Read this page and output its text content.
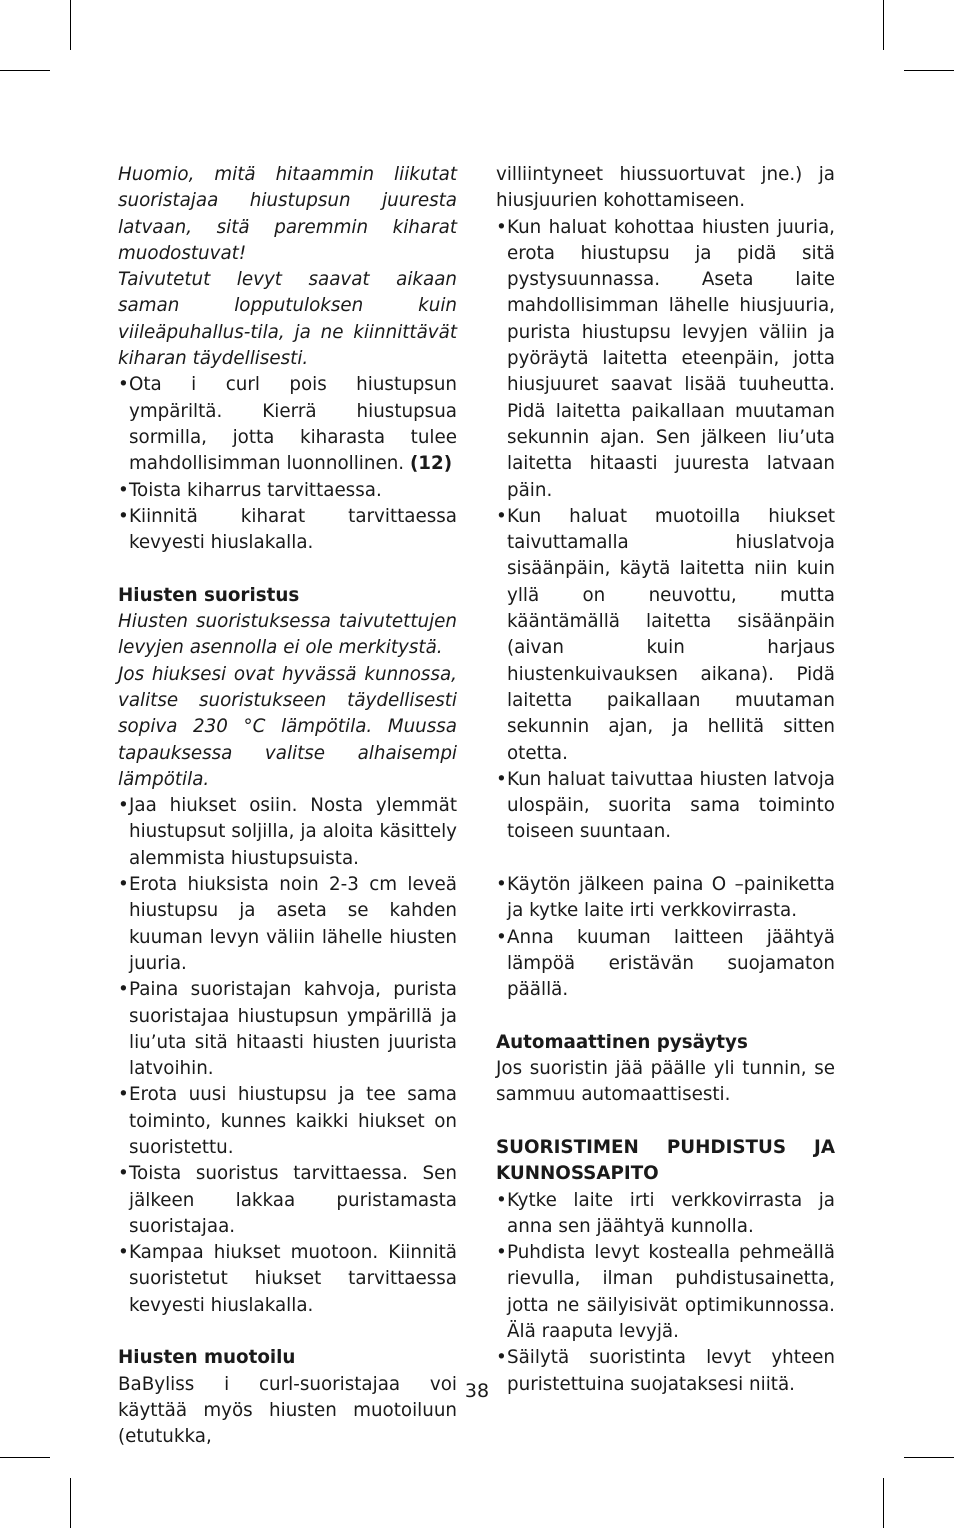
Huomio, mitä hitaammin liikutat suoristajaa hiustupsun juuresta latvaan, sitä paremmin kiharat muodostuvat!

Taivutetut levyt saavat aikaan saman lopputuloksen kuin viileäpuhallus-tila, ja ne kiinnittävät kiharan täydellisesti.

• Ota i curl pois hiustupsun ympäriltä. Kierrä hiustupsua sormilla, jotta kiharasta tulee mahdollisimman luonnollinen. (12)
• Toista kiharrus tarvittaessa.
• Kiinnitä kiharat tarvittaessa kevyesti hiuslakalla.

Hiusten suoristus

Hiusten suoristuksessa taivutettujen levyjen asennolla ei ole merkitystä.

Jos hiuksesi ovat hyvässä kunnossa, valitse suoristukseen täydellisesti sopiva 230 °C lämpötila. Muussa tapauksessa valitse alhaisempi lämpötila.

• Jaa hiukset osiin. Nosta ylemmät hiustupsut soljilla, ja aloita käsittely alemmista hiustupsuista.
• Erota hiuksista noin 2-3 cm leveä hiustupsu ja aseta se kahden kuuman levyn väliin lähelle hiusten juuria.
• Paina suoristajan kahvoja, purista suoristajaa hiustupsun ympärillä ja liu’uta sitä hitaasti hiusten juurista latvoihin.
• Erota uusi hiustupsu ja tee sama toiminto, kunnes kaikki hiukset on suoristettu.
• Toista suoristus tarvittaessa. Sen jälkeen lakkaa puristamasta suoristajaa.
• Kampaa hiukset muotoon. Kiinnitä suoristetut hiukset tarvittaessa kevyesti hiuslakalla.

Hiusten muotoilu

BaByliss i curl-suoristajaa voi käyttää myös hiusten muotoiluun (etutukka,

villiintyneet hiussuortuvat jne.) ja hiusjuurien kohottamiseen.

• Kun haluat kohottaa hiusten juuria, erota hiustupsu ja pidä sitä pystysuunnassa. Aseta laite mahdollisimman lähelle hiusjuuria, purista hiustupsu levyjen väliin ja pyöräytä laitetta eteenpäin, jotta hiusjuuret saavat lisää tuuheutta. Pidä laitetta paikallaan muutaman sekunnin ajan. Sen jälkeen liu’uta laitetta hitaasti juuresta latvaan päin.
• Kun haluat muotoilla hiukset taivuttamalla hiuslatvoja sisäänpäin, käytä laitetta niin kuin yllä on neuvottu, mutta kääntämällä laitetta sisäänpäin (aivan kuin harjaus hiustenkuivauksen aikana). Pidä laitetta paikallaan muutaman sekunnin ajan, ja hellitä sitten otetta.
• Kun haluat taivuttaa hiusten latvoja ulospäin, suorita sama toiminto toiseen suuntaan.
• Käytön jälkeen paina O –painiketta ja kytke laite irti verkkovirrasta.
• Anna kuuman laitteen jäähtyä lämpöä eristävän suojamaton päällä.

Automaattinen pysäytys

Jos suoristin jää päälle yli tunnin, se sammuu automaattisesti.

SUORISTIMEN PUHDISTUS JA KUNNOSSAPITO

• Kytke laite irti verkkovirrasta ja anna sen jäähtyä kunnolla.
• Puhdista levyt kostealla pehmeällä rievulla, ilman puhdistusainetta, jotta ne säilyisivät optimikunnossa. Älä raaputa levyjä.
• Säilytä suoristinta levyt yhteen puristettuina suojataksesi niitä.
38
